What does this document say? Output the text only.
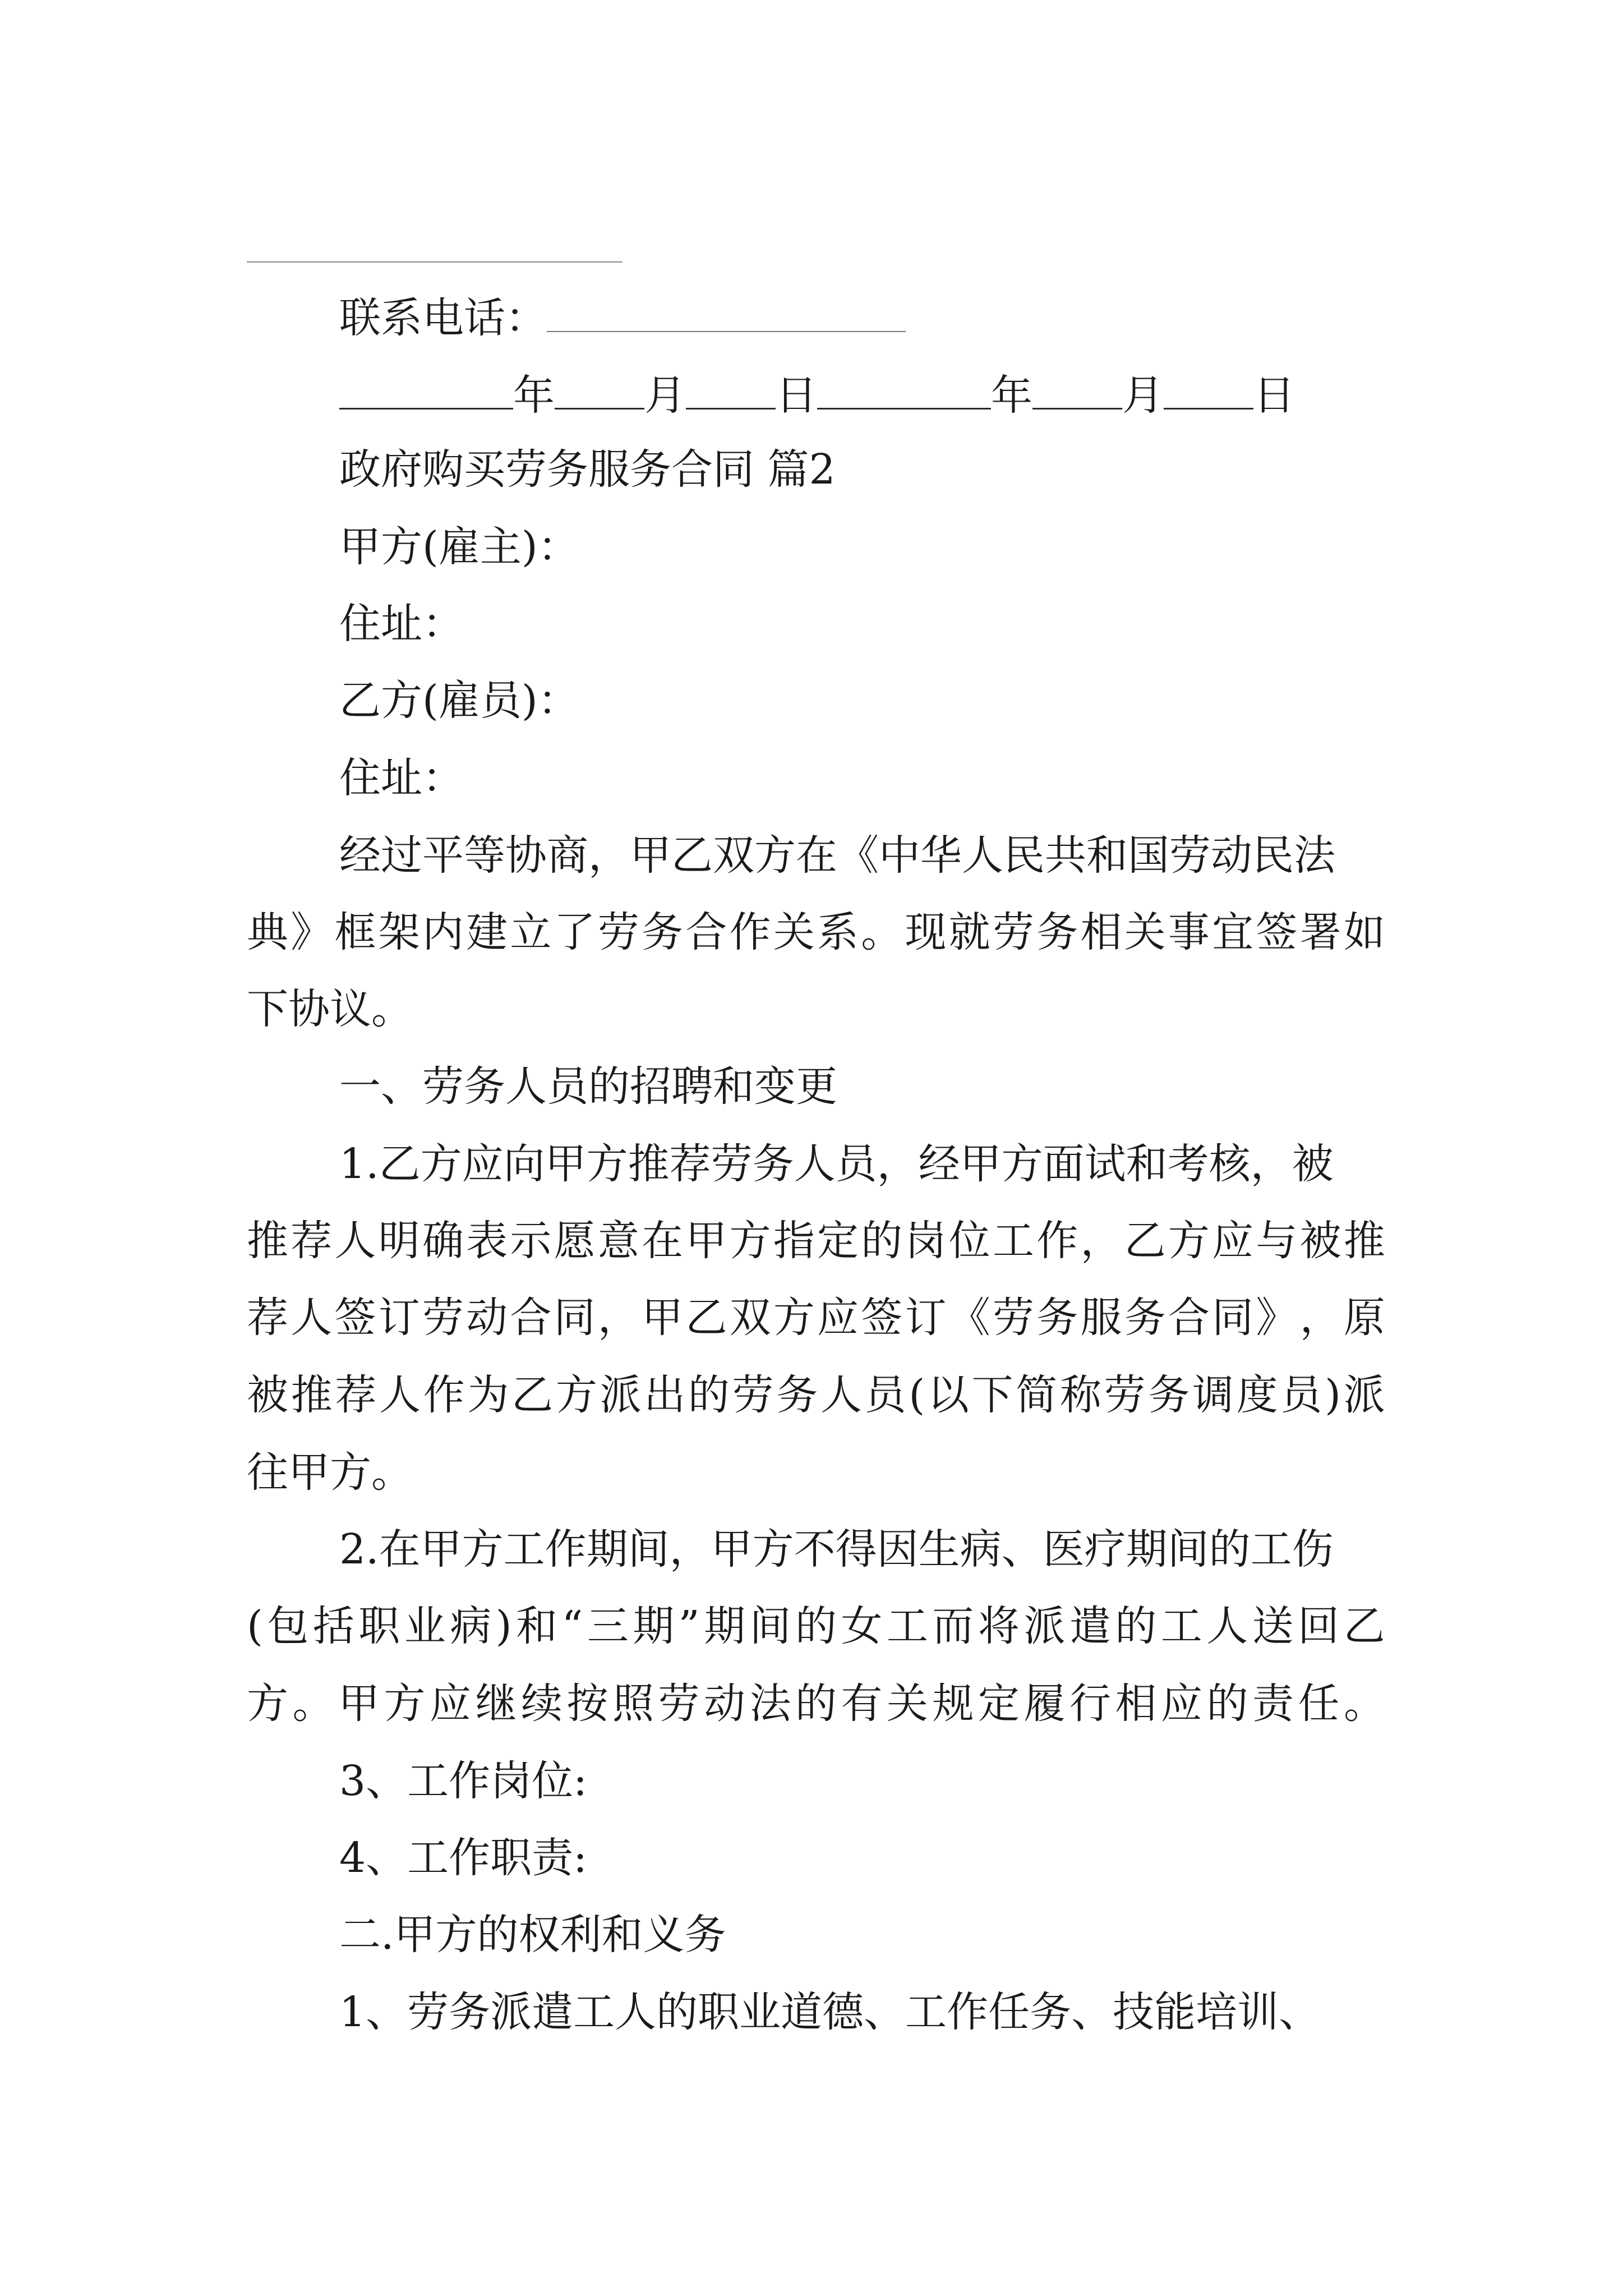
联系电话：
年 月 日	年 月 日
政府购买劳务服务合同 篇2
甲方(雇主)：
住址：
乙方(雇员)：
住址：
经过平等协商，甲乙双方在《中华人民共和国劳动民法
典 》 框 架 内 建 立 了 劳 务 合 作 关 系 。 现 就 劳 务 相 关 事 宜 签 署 如
下协议。
一、劳务人员的招聘和变更
1.乙方应向甲方推荐劳务人员，经甲方面试和考核，被
推 荐 人 明 确 表 示 愿 意 在 甲 方 指 定 的 岗 位 工 作 ， 乙 方 应 与 被 推
荐 人 签 订 劳 动 合 同 ， 甲 乙 双 方 应 签 订 《 劳 务 服 务 合 同 》 ， 原
被 推 荐 人 作 为 乙 方 派 出 的 劳 务 人 员 ( 以 下 简 称 劳 务 调 度 员 ) 派
往甲方。
2.在甲方工作期间，甲方不得因生病、医疗期间的工伤
( 包 括 职 业 病 ) 和 “ 三 期 ” 期 间 的 女 工 而 将 派 遣 的 工 人 送 回 乙
方 。 甲 方 应 继 续 按 照 劳 动 法 的 有 关 规 定 履 行 相 应 的 责 任 。
3、工作岗位:
4、工作职责:
二.甲方的权利和义务
1、劳务派遣工人的职业道德、工作任务、技能培训、
